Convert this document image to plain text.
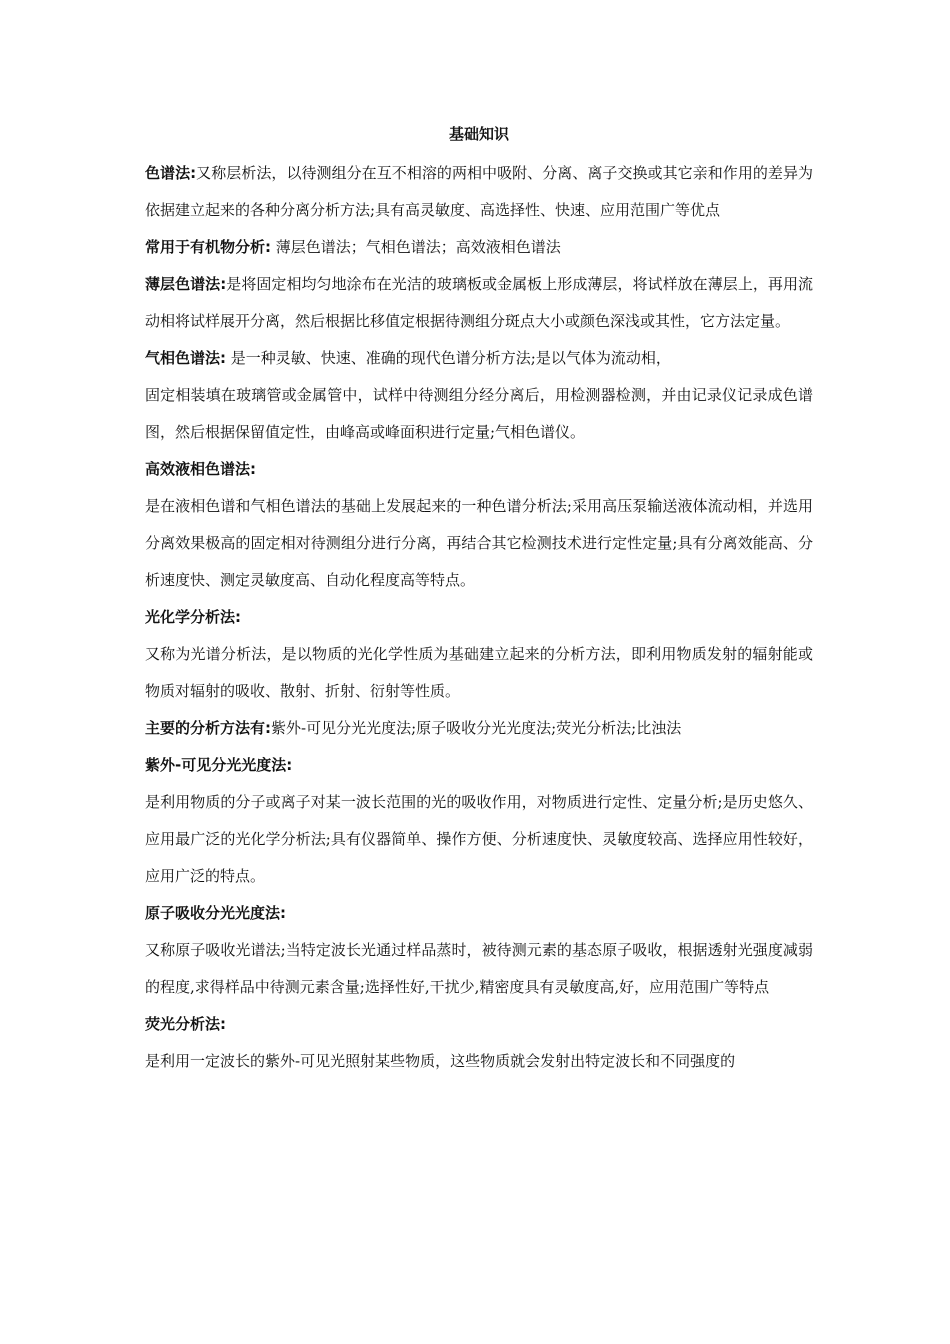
基础知识

色谱法:又称层析法，以待测组分在互不相溶的两相中吸附、分离、离子交换或其它亲和作用的差异为依据建立起来的各种分离分析方法;具有高灵敏度、高选择性、快速、应用范围广等优点

常用于有机物分析: 薄层色谱法；气相色谱法；高效液相色谱法

薄层色谱法:是将固定相均匀地涂布在光洁的玻璃板或金属板上形成薄层，将试样放在薄层上，再用流动相将试样展开分离，然后根据比移值定根据待测组分斑点大小或颜色深浅或其性，它方法定量。

气相色谱法: 是一种灵敏、快速、准确的现代色谱分析方法;是以气体为流动相，

固定相装填在玻璃管或金属管中，试样中待测组分经分离后，用检测器检测，并由记录仪记录成色谱图，然后根据保留值定性，由峰高或峰面积进行定量;气相色谱仪。

高效液相色谱法:

是在液相色谱和气相色谱法的基础上发展起来的一种色谱分析法;采用高压泵输送液体流动相，并选用分离效果极高的固定相对待测组分进行分离，再结合其它检测技术进行定性定量;具有分离效能高、分析速度快、测定灵敏度高、自动化程度高等特点。

光化学分析法:

又称为光谱分析法，是以物质的光化学性质为基础建立起来的分析方法，即利用物质发射的辐射能或物质对辐射的吸收、散射、折射、衍射等性质。

主要的分析方法有:紫外-可见分光光度法;原子吸收分光光度法;荧光分析法;比浊法

紫外-可见分光光度法:

是利用物质的分子或离子对某一波长范围的光的吸收作用，对物质进行定性、定量分析;是历史悠久、应用最广泛的光化学分析法;具有仪器简单、操作方便、分析速度快、灵敏度较高、选择应用性较好，应用广泛的特点。

原子吸收分光光度法:

又称原子吸收光谱法;当特定波长光通过样品蒸时，被待测元素的基态原子吸收，根据透射光强度减弱的程度,求得样品中待测元素含量;选择性好,干扰少,精密度具有灵敏度高,好，应用范围广等特点

荧光分析法:

是利用一定波长的紫外-可见光照射某些物质，这些物质就会发射出特定波长和不同强度的
